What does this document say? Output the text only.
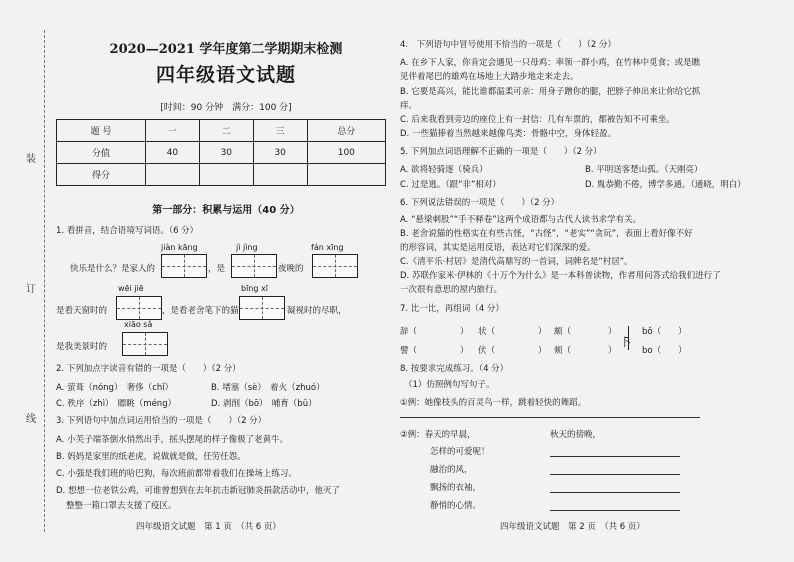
装
订
线
2020—2021 学年度第二学期期末检测
四年级语文试题
[时间：90 分钟　满分：100 分]
题 号	一	二	三	总分
分值	40	30	30	100
得分				
第一部分：积累与运用（40 分）
1. 看拼音，结合语境写词语。（6 分）
jiàn kāng	jì jìng	fán xīng
快乐是什么？是家人的	，是	夜晚的
wēi jiē	bīng xī
是看天窗时的	，是看老舍笔下的猫	凝视时的尽职，
xiāo sǎ
是我美景时的
2. 下列加点字读音有错的一项是（　　）（2 分）
A. 萤葺（nóng）　奢侈（chǐ）	B. 堵塞（sè）　着火（zhuó）
C. 秩序（zhì）　瞟眺（méng）	D. 剥削（bō）　哺育（bǔ）
3. 下列语句中加点词运用恰当的一项是（　　）（2 分）
A. 小芙子端茶倒水悄然出手，摇头摆尾的样子像极了老黄牛。
B. 妈妈是家里的纸老虎，说做就是做，任劳任怨。
C. 小强是我们班的哈巴狗，每次班前都带着我们在操场上练习。
D. 想想一位老铁公鸡，可谁曾想到在去年抗击新冠肺炎捐款活动中，他灭了
整整一箱口罩去支援了疫区。
四年级语文试题　第 1 页　（共 6 页）
4.　下列语句中冒号使用不恰当的一项是（　　）（2 分）
A. 在乡下人家，你肯定会遇见一只母鸡：率领一群小鸡，在竹林中觅食；或是瞧
见伴着尾巴的雄鸡在场地上大踏步地走来走去。
B. 它要是高兴，能比谁都温柔可亲：用身子蹭你的腿，把脖子伸出来让你给它抓
痒。
C. 后来我看到旁边的座位上有一封信：几有车票的，都被告知不可乘坐。
D. 一些猫捧着当然越来越像鸟类：骨骼中空，身体轻盈。
5. 下列加点词语理解不正确的一项是（　　）（2 分）
A. 欲将轻骑逐（骑兵）	B. 平明送客楚山孤。（天刚亮）
C. 过是逃。（跟“非”相对）	D. 胤恭勤不倦，博学多通。（通晓，明白）
6. 下列说法错误的一项是（　　）（2 分）
A. “悬梁刺股”“手不释卷”这两个成语都与古代人读书求学有关。
B. 老舍说猫的性格实在有些古怪，“古怪”，“老实”“贪玩”，表面上看好像不好
的形容词，其实是运用反语，表达对它们深深的爱。
C.《清平乐·村居》是清代高鼎写的一首词，词牌名是“村居”。
D. 苏联作家米·伊林的《十万个为什么》是一本科普读物，作者用问答式给我们进行了
一次很有意思的屋内旅行。
7. 比一比，再组词（4 分）
辞（	） 状（	） 颇（	）
譬（	） 伏（	） 颊（	）
卜
bǒ（　　）
bo（　　）
8. 按要求完成练习。（4 分）
（1）仿照例句写句子。
①例：她像枝头的百灵鸟一样，跳着轻快的舞蹈。
②例：春天的早晨，	秋天的傍晚，
怎样的可爱呢！
融治的风，
飘扬的衣袖，
静悄的心情。
四年级语文试题　第 2 页　（共 6 页）
